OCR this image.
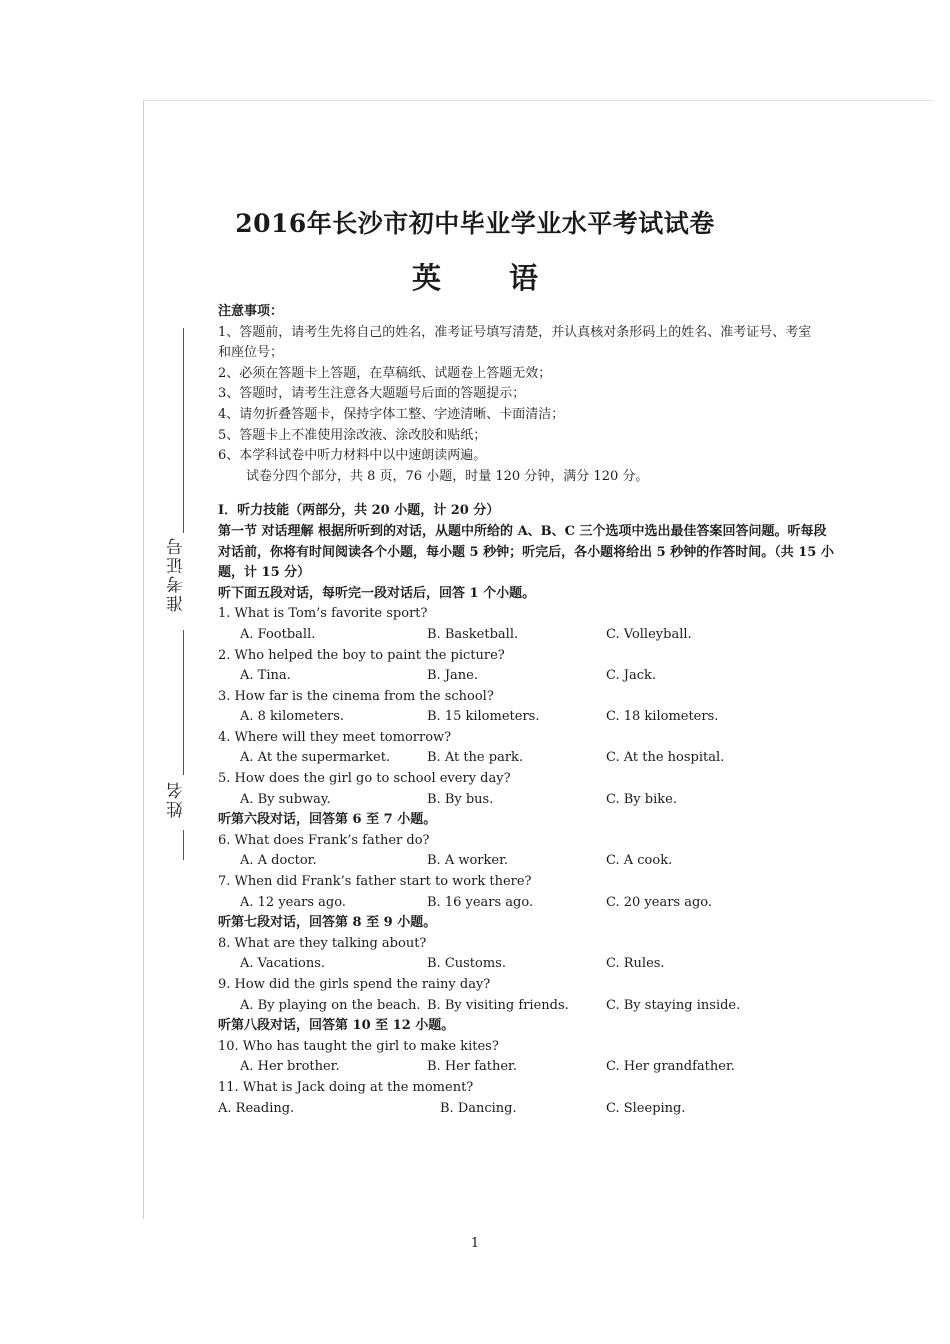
准考证号
姓名
2016年长沙市初中毕业学业水平考试试卷
英 语
注意事项：
1、答题前，请考生先将自己的姓名，准考证号填写清楚，并认真核对条形码上的姓名、准考证号、考室
和座位号；
2、必须在答题卡上答题，在草稿纸、试题卷上答题无效；
3、答题时，请考生注意各大题题号后面的答题提示；
4、请勿折叠答题卡，保持字体工整、字迹清晰、卡面清洁；
5、答题卡上不准使用涂改液、涂改胶和贴纸；
6、本学科试卷中听力材料中以中速朗读两遍。
试卷分四个部分，共 8 页，76 小题，时量 120 分钟，满分 120 分。
I．听力技能（两部分，共 20 小题，计 20 分）
第一节 对话理解 根据所听到的对话，从题中所给的 A、B、C 三个选项中选出最佳答案回答问题。听每段
对话前，你将有时间阅读各个小题，每小题 5 秒钟；听完后，各小题将给出 5 秒钟的作答时间。（共 15 小
题，计 15 分）
听下面五段对话，每听完一段对话后，回答 1 个小题。
1. What is Tom’s favorite sport?
A. Football.	B. Basketball.	C. Volleyball.
2. Who helped the boy to paint the picture?
A. Tina.	B. Jane.	C. Jack.
3. How far is the cinema from the school?
A. 8 kilometers.	B. 15 kilometers.	C. 18 kilometers.
4. Where will they meet tomorrow?
A. At the supermarket.	B. At the park.	C. At the hospital.
5. How does the girl go to school every day?
A. By subway.	B. By bus.	C. By bike.
听第六段对话，回答第 6 至 7 小题。
6. What does Frank’s father do?
A. A doctor.	B. A worker.	C. A cook.
7. When did Frank’s father start to work there?
A. 12 years ago.	B. 16 years ago.	C. 20 years ago.
听第七段对话，回答第 8 至 9 小题。
8. What are they talking about?
A. Vacations.	B. Customs.	C. Rules.
9. How did the girls spend the rainy day?
A. By playing on the beach. B. By visiting friends.	C. By staying inside.
听第八段对话，回答第 10 至 12 小题。
10. Who has taught the girl to make kites?
A. Her brother.	B. Her father.	C. Her grandfather.
11. What is Jack doing at the moment?
A. Reading.	B. Dancing.	C. Sleeping.
1
